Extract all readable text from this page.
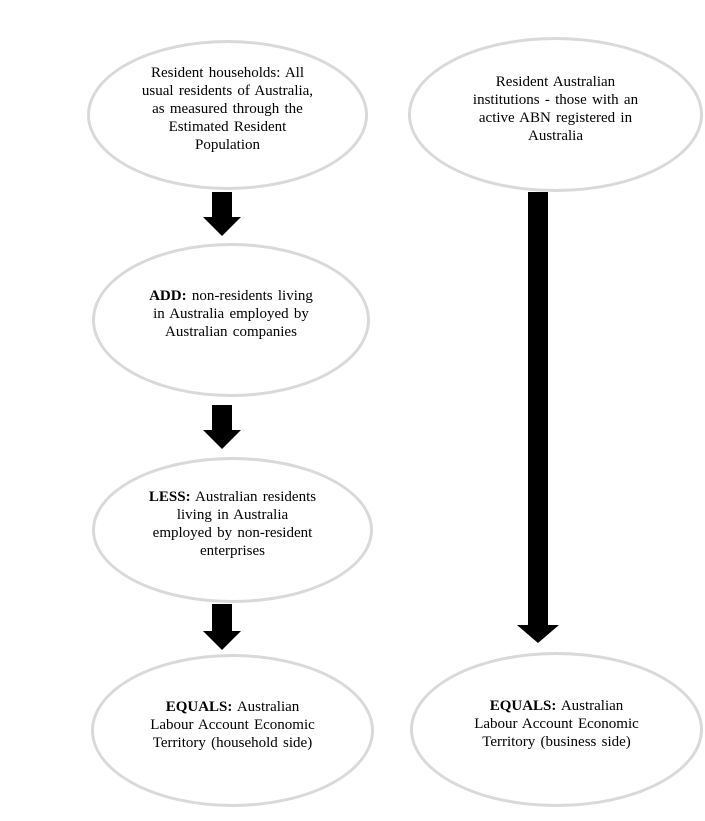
Resident households: All
usual residents of Australia,
as measured through the
Estimated Resident
Population
Resident Australian
institutions - those with an
active ABN registered in
Australia
ADD: non-residents living
in Australia employed by
Australian companies
LESS: Australian residents
living in Australia
employed by non-resident
enterprises
EQUALS: Australian
Labour Account Economic
Territory (household side)
EQUALS: Australian
Labour Account Economic
Territory (business side)
